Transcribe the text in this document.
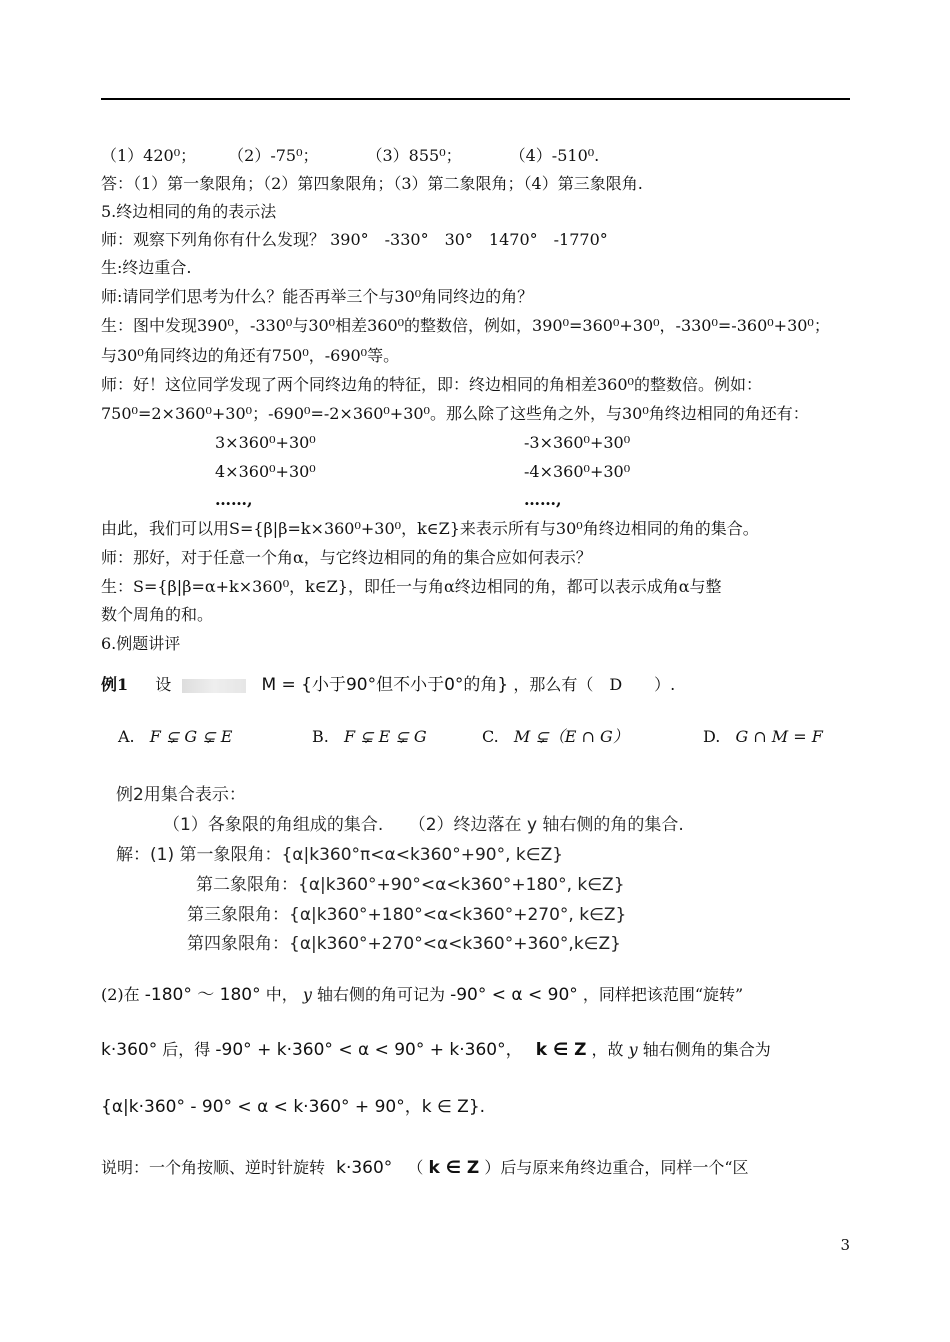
（1）420⁰；　　　（2）-75⁰；　　　　（3）855⁰；　　　　（4）-510⁰.
答：（1）第一象限角；（2）第四象限角；（3）第二象限角；（4）第三象限角.
5.终边相同的角的表示法
师：观察下列角你有什么发现？ 390°　-330°　30°　1470°　-1770°
生:终边重合.
师:请同学们思考为什么？能否再举三个与30⁰角同终边的角？
生：图中发现390⁰，-330⁰与30⁰相差360⁰的整数倍，例如，390⁰=360⁰+30⁰，-330⁰=-360⁰+30⁰；
与30⁰角同终边的角还有750⁰，-690⁰等。
师：好！这位同学发现了两个同终边角的特征，即：终边相同的角相差360⁰的整数倍。例如：
750⁰=2×360⁰+30⁰；-690⁰=-2×360⁰+30⁰。那么除了这些角之外，与30⁰角终边相同的角还有：
3×360⁰+30⁰	-3×360⁰+30⁰
4×360⁰+30⁰	-4×360⁰+30⁰
……,	……,
由此，我们可以用S={β|β=k×360⁰+30⁰，k∈Z}来表示所有与30⁰角终边相同的角的集合。
师：那好，对于任意一个角α，与它终边相同的角的集合应如何表示？
生：S={β|β=α+k×360⁰，k∈Z}，即任一与角α终边相同的角，都可以表示成角α与整
数个周角的和。
6.例题讲评
例1 设	M = {小于90°但不小于0°的角} ，那么有（　D　　）.
A. F ⊊ G ⊊ E	B. F ⊊ E ⊊ G	C. M ⊊（E ∩ G）	D. G ∩ M = F
例2用集合表示：
（1）各象限的角组成的集合.　　（2）终边落在 y 轴右侧的角的集合.
解：(1) 第一象限角：{α|k360°π<α<k360°+90°, k∈Z}
第二象限角：{α|k360°+90°<α<k360°+180°, k∈Z}
第三象限角：{α|k360°+180°<α<k360°+270°, k∈Z}
第四象限角：{α|k360°+270°<α<k360°+360°,k∈Z}
(2)在 -180° ～ 180° 中， y 轴右侧的角可记为 -90° < α < 90° ，同样把该范围“旋转”
k·360° 后，得 -90° + k·360° < α < 90° + k·360°， k ∈ Z ，故 y 轴右侧角的集合为
{α|k·360° - 90° < α < k·360° + 90°，k ∈ Z}.
说明：一个角按顺、逆时针旋转 k·360° （ k ∈ Z ）后与原来角终边重合，同样一个“区
3
